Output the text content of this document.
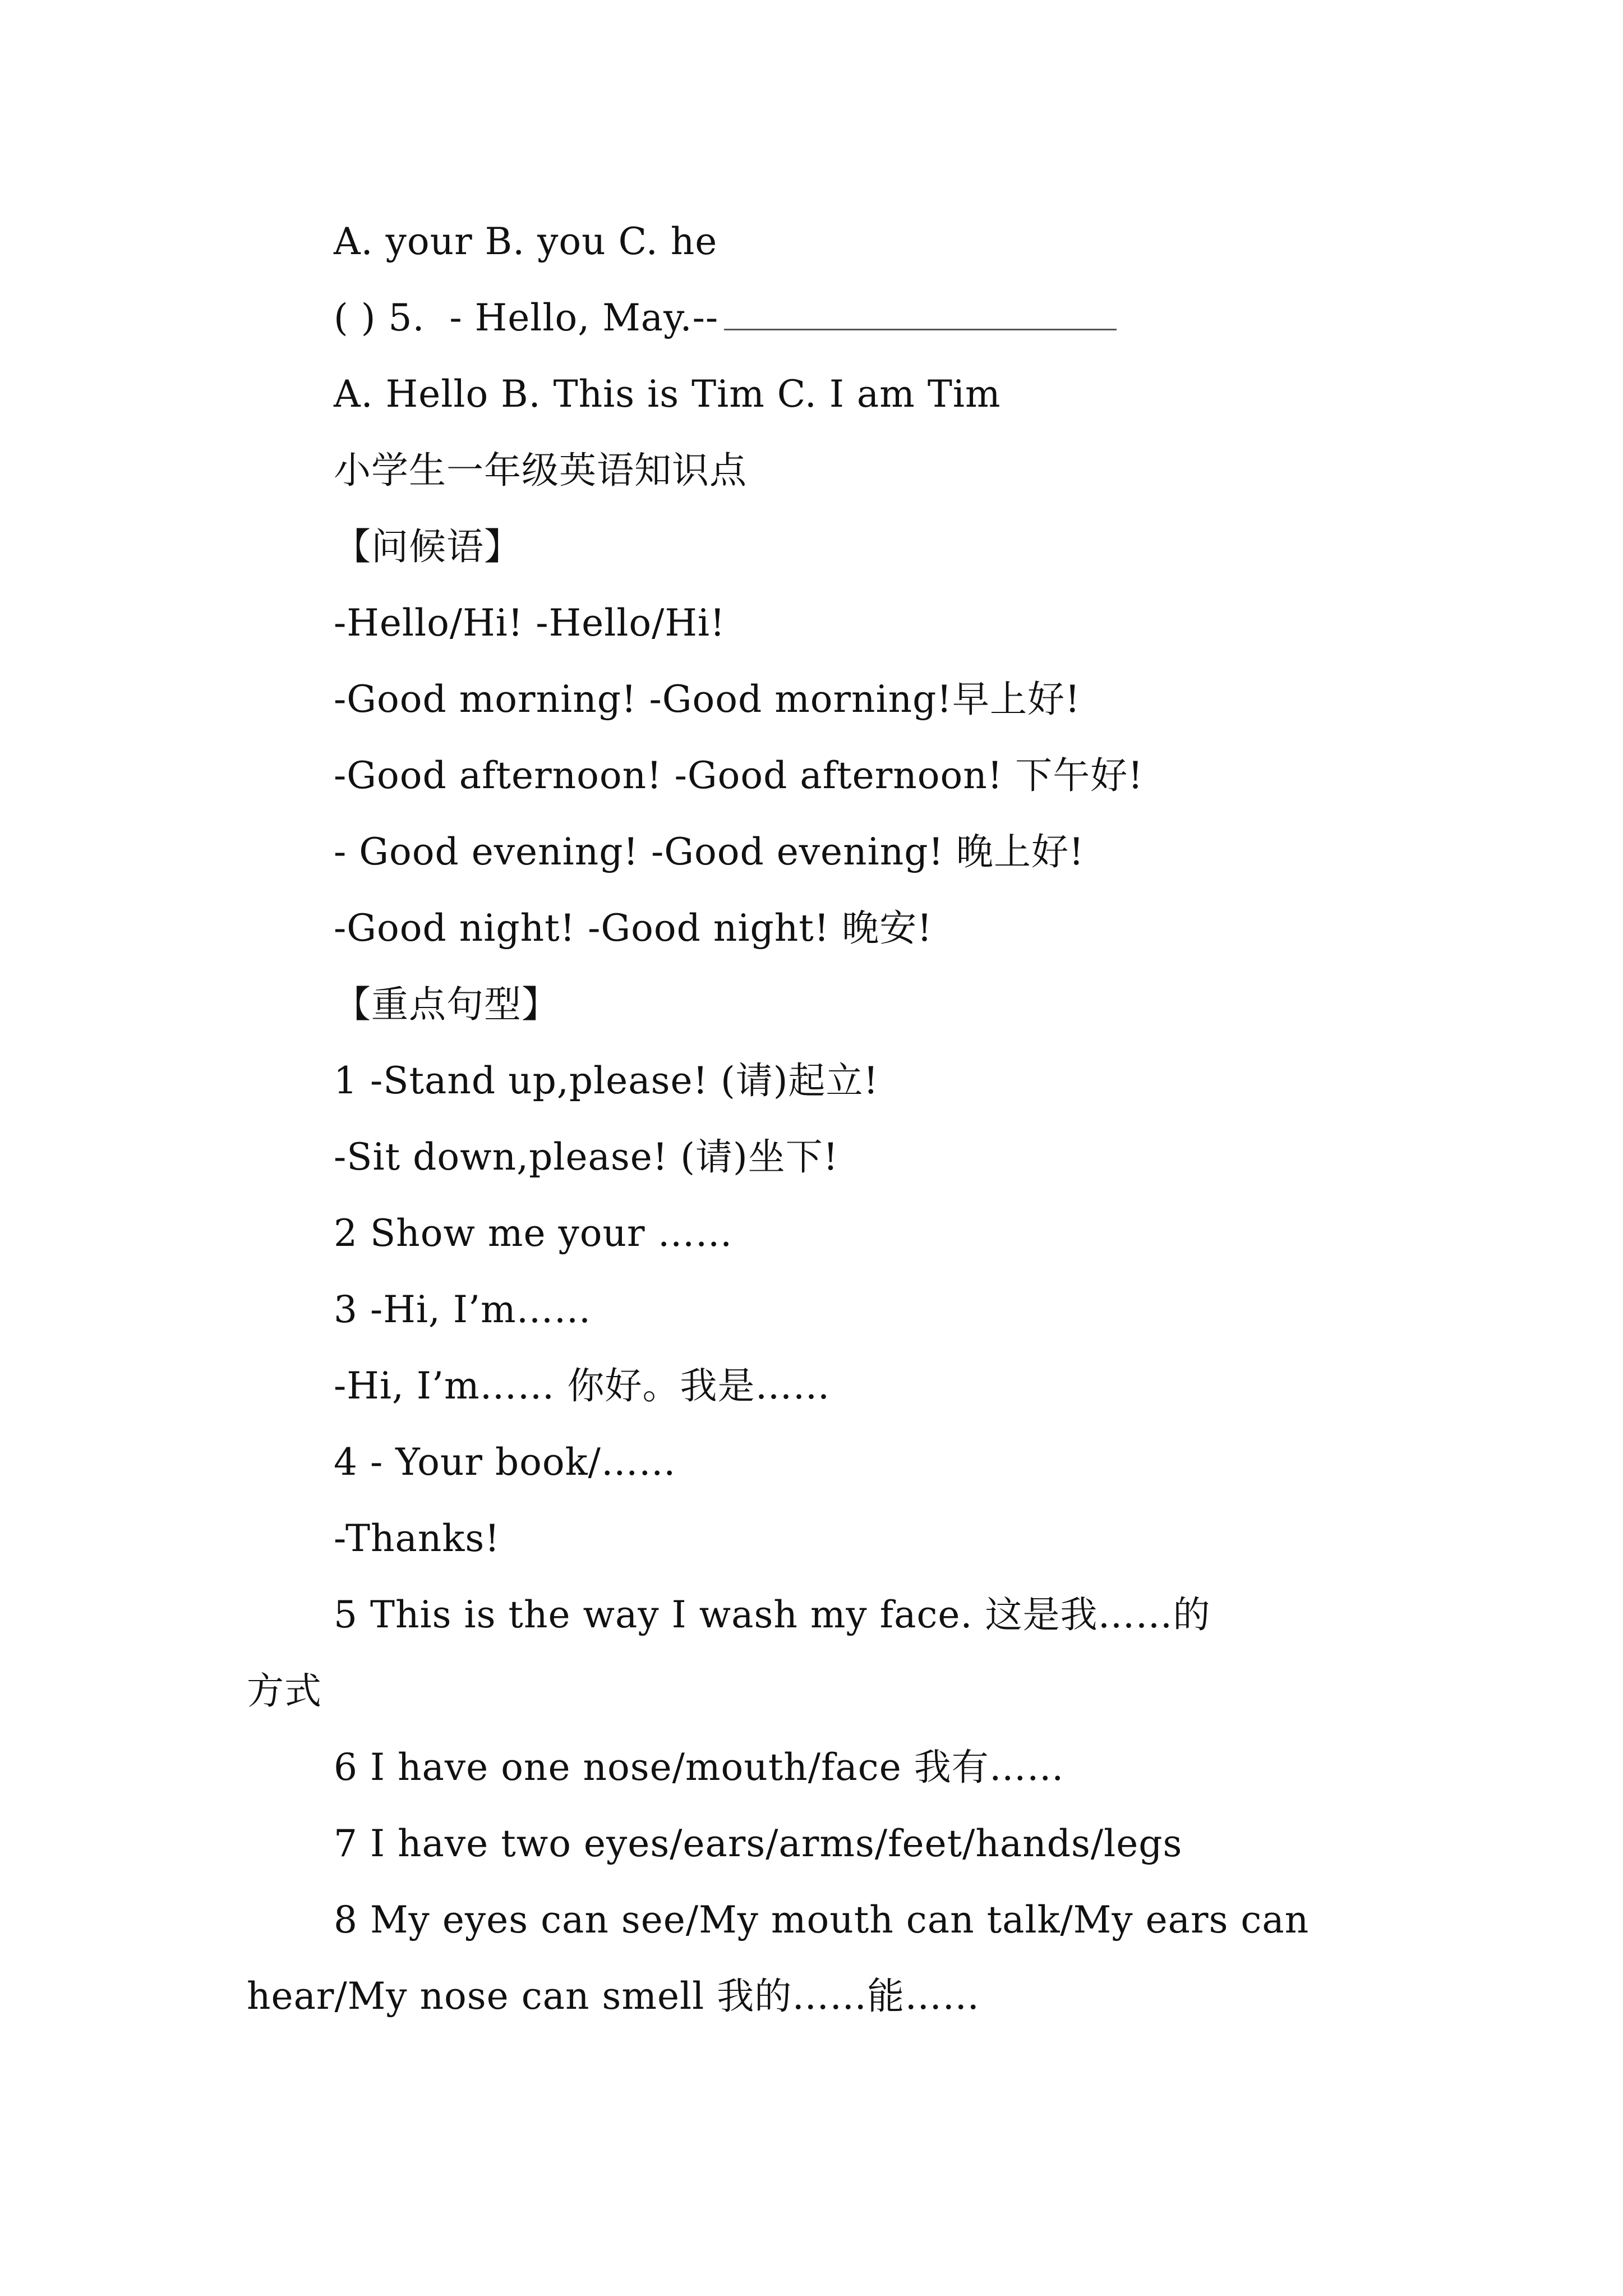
A. your B. you C. he
( ) 5.  - Hello, May.--
A. Hello B. This is Tim C. I am Tim
小学生一年级英语知识点
【问候语】
-Hello/Hi! -Hello/Hi!
-Good morning! -Good morning!早上好!
-Good afternoon! -Good afternoon! 下午好!
- Good evening! -Good evening! 晚上好!
-Good night! -Good night! 晚安!
【重点句型】
1 -Stand up,please! (请)起立!
-Sit down,please! (请)坐下!
2 Show me your ……
3 -Hi, I’m……
-Hi, I’m…… 你好。我是……
4 - Your book/……
-Thanks!
5 This is the way I wash my face. 这是我……的
方式
6 I have one nose/mouth/face 我有……
7 I have two eyes/ears/arms/feet/hands/legs
8 My eyes can see/My mouth can talk/My ears can
hear/My nose can smell 我的……能……
